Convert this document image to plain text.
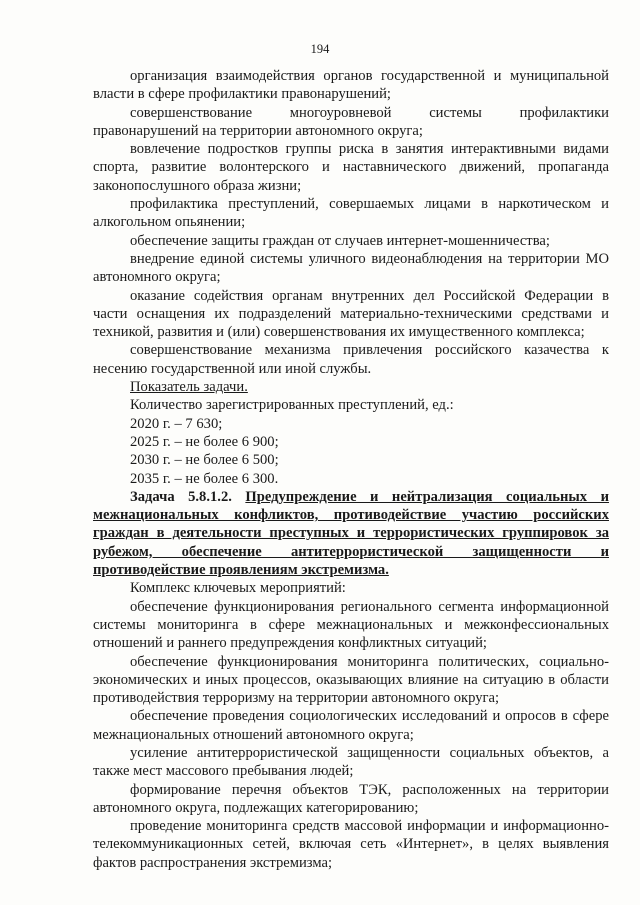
194

организация взаимодействия органов государственной и муниципальной власти в сфере профилактики правонарушений;

совершенствование многоуровневой системы профилактики правонарушений на территории автономного округа;

вовлечение подростков группы риска в занятия интерактивными видами спорта, развитие волонтерского и наставнического движений, пропаганда законопослушного образа жизни;

профилактика преступлений, совершаемых лицами в наркотическом и алкогольном опьянении;

обеспечение защиты граждан от случаев интернет-мошенничества;

внедрение единой системы уличного видеонаблюдения на территории МО автономного округа;

оказание содействия органам внутренних дел Российской Федерации в части оснащения их подразделений материально-техническими средствами и техникой, развития и (или) совершенствования их имущественного комплекса;

совершенствование механизма привлечения российского казачества к несению государственной или иной службы.

Показатель задачи.
Количество зарегистрированных преступлений, ед.:
2020 г. – 7 630;
2025 г. – не более 6 900;
2030 г. – не более 6 500;
2035 г. – не более 6 300.

Задача 5.8.1.2. Предупреждение и нейтрализация социальных и межнациональных конфликтов, противодействие участию российских граждан в деятельности преступных и террористических группировок за рубежом, обеспечение антитеррористической защищенности и противодействие проявлениям экстремизма.

Комплекс ключевых мероприятий:

обеспечение функционирования регионального сегмента информационной системы мониторинга в сфере межнациональных и межконфессиональных отношений и раннего предупреждения конфликтных ситуаций;

обеспечение функционирования мониторинга политических, социально-экономических и иных процессов, оказывающих влияние на ситуацию в области противодействия терроризму на территории автономного округа;

обеспечение проведения социологических исследований и опросов в сфере межнациональных отношений автономного округа;

усиление антитеррористической защищенности социальных объектов, а также мест массового пребывания людей;

формирование перечня объектов ТЭК, расположенных на территории автономного округа, подлежащих категорированию;

проведение мониторинга средств массовой информации и информационно-телекоммуникационных сетей, включая сеть «Интернет», в целях выявления фактов распространения экстремизма;
